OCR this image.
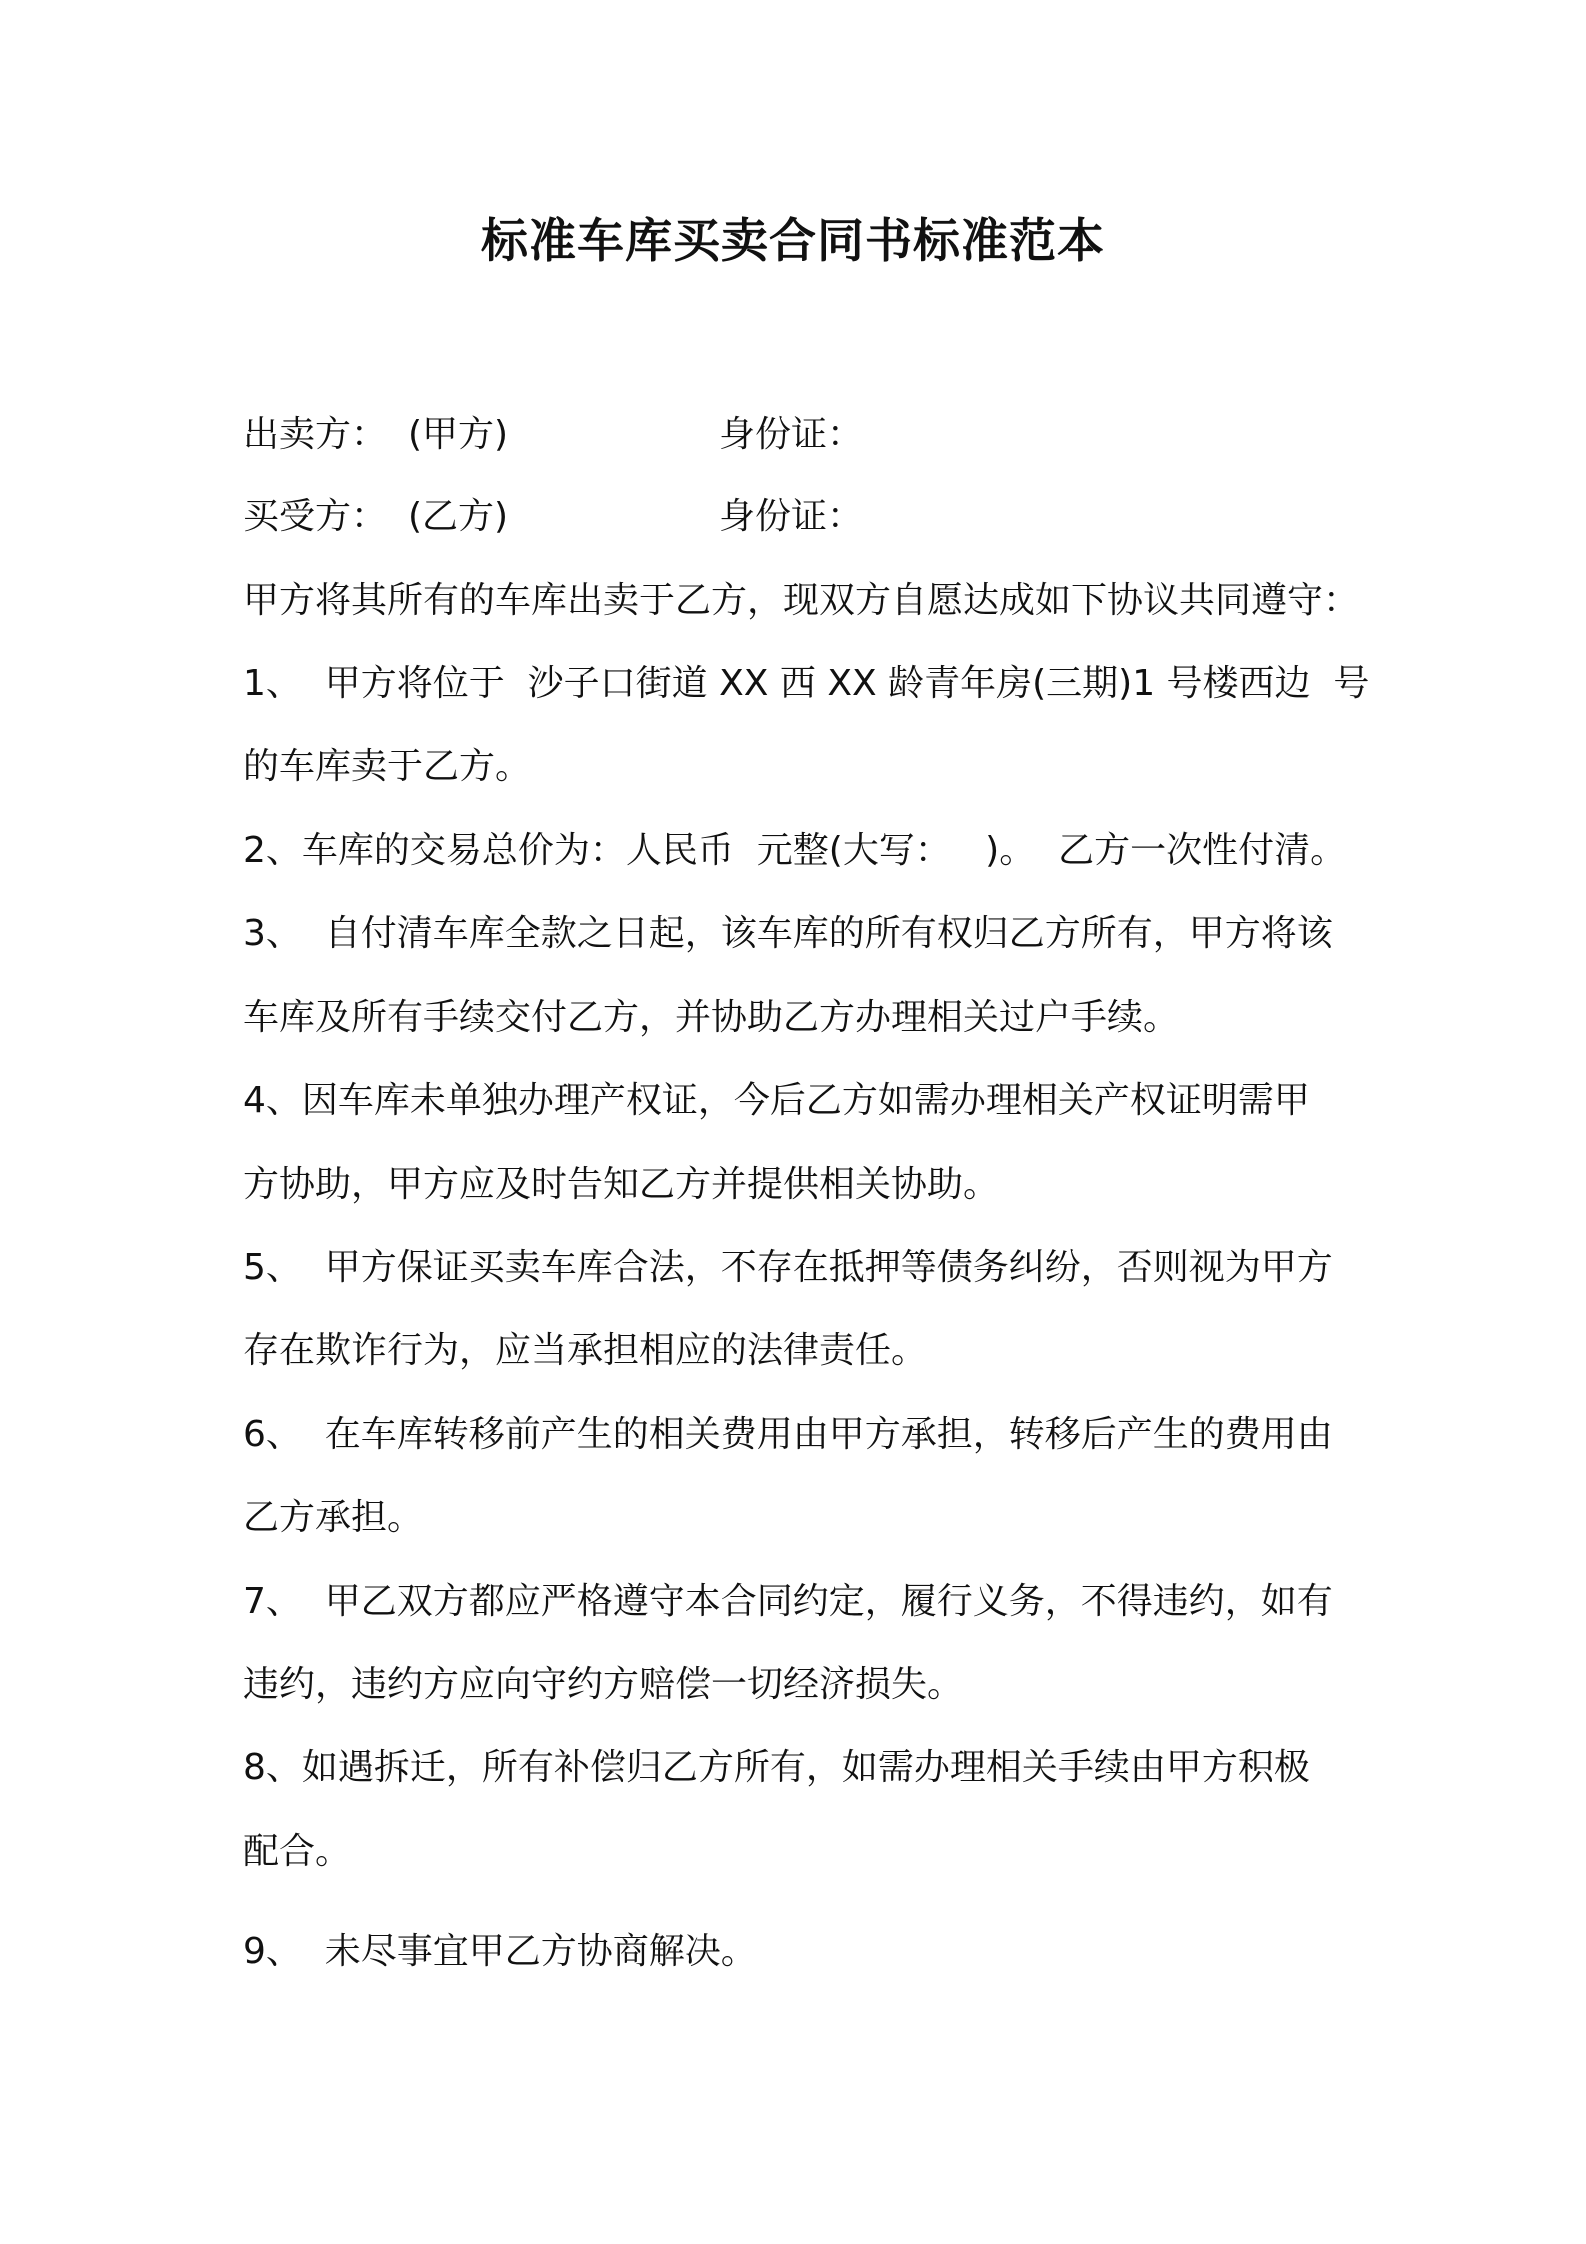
标准车库买卖合同书标准范本

出卖方：

(甲方)

	身份证：

买受方：

(乙方)

	身份证：

甲方将其所有的车库出卖于乙方，现双方自愿达成如下协议共同遵守：
1、  甲方将位于  沙子口街道 XX 西 XX 龄青年房(三期)1 号楼西边  号
的车库卖于乙方。
2、车库的交易总价为：人民币  元整(大写：   )。  乙方一次性付清。
3、  自付清车库全款之日起，该车库的所有权归乙方所有，甲方将该
车库及所有手续交付乙方，并协助乙方办理相关过户手续。
4、因车库未单独办理产权证，今后乙方如需办理相关产权证明需甲
方协助，甲方应及时告知乙方并提供相关协助。
5、  甲方保证买卖车库合法，不存在抵押等债务纠纷，否则视为甲方
存在欺诈行为，应当承担相应的法律责任。
6、  在车库转移前产生的相关费用由甲方承担，转移后产生的费用由
乙方承担。
7、  甲乙双方都应严格遵守本合同约定，履行义务，不得违约，如有
违约，违约方应向守约方赔偿一切经济损失。
8、如遇拆迁，所有补偿归乙方所有，如需办理相关手续由甲方积极
配合。
9、  未尽事宜甲乙方协商解决。
